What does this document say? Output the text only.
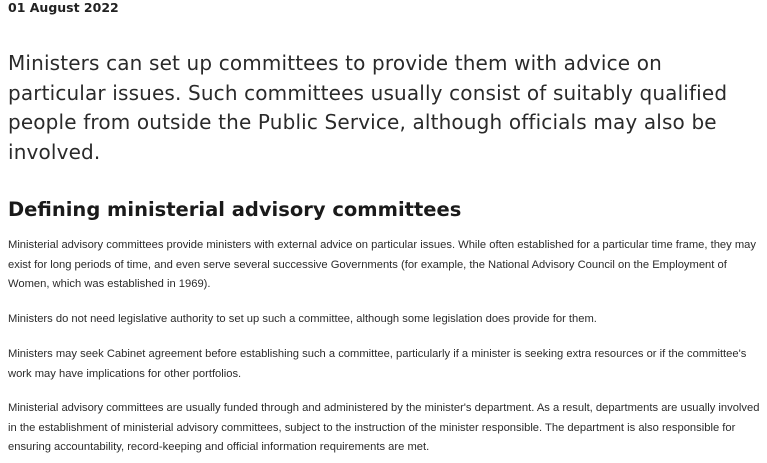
01 August 2022

Ministers can set up committees to provide them with advice on particular issues. Such committees usually consist of suitably qualified people from outside the Public Service, although officials may also be involved.

Defining ministerial advisory committees

Ministerial advisory committees provide ministers with external advice on particular issues. While often established for a particular time frame, they may exist for long periods of time, and even serve several successive Governments (for example, the National Advisory Council on the Employment of Women, which was established in 1969).

Ministers do not need legislative authority to set up such a committee, although some legislation does provide for them.

Ministers may seek Cabinet agreement before establishing such a committee, particularly if a minister is seeking extra resources or if the committee's work may have implications for other portfolios.

Ministerial advisory committees are usually funded through and administered by the minister's department. As a result, departments are usually involved in the establishment of ministerial advisory committees, subject to the instruction of the minister responsible. The department is also responsible for ensuring accountability, record-keeping and official information requirements are met.
